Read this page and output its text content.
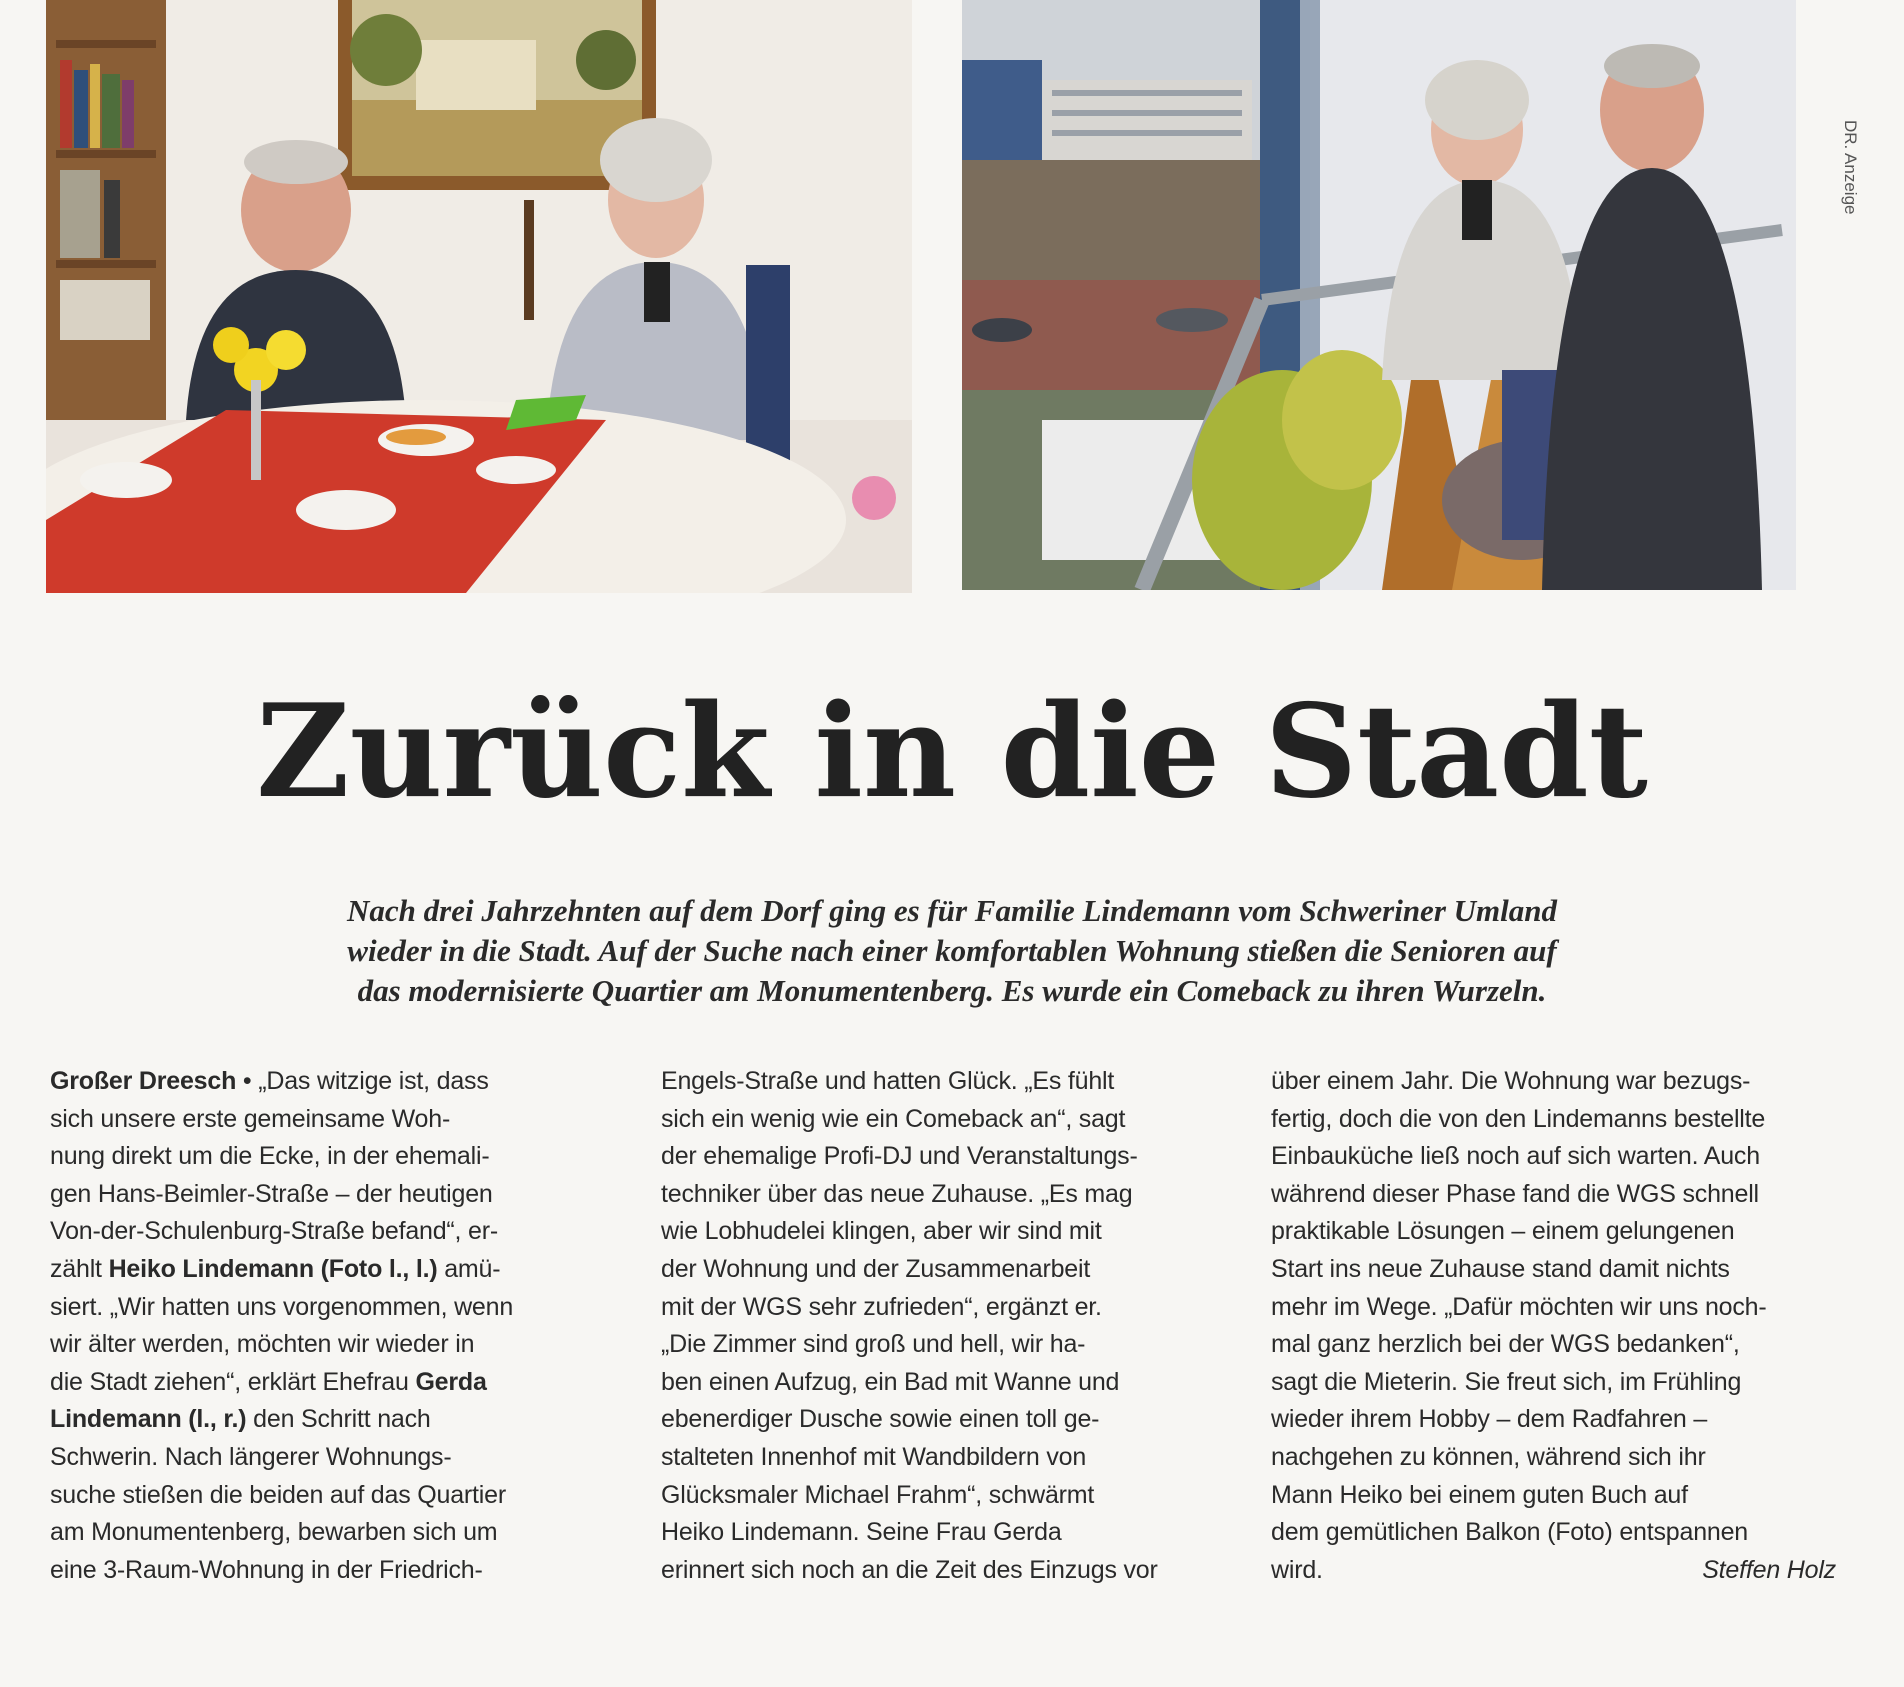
DR. Anzeige
Zurück in die Stadt
Nach drei Jahrzehnten auf dem Dorf ging es für Familie Lindemann vom Schweriner Umland
wieder in die Stadt. Auf der Suche nach einer komfortablen Wohnung stießen die Senioren auf
das modernisierte Quartier am Monumentenberg. Es wurde ein Comeback zu ihren Wurzeln.
Großer Dreesch • „Das witzige ist, dass
sich unsere erste gemeinsame Woh-
nung direkt um die Ecke, in der ehemali-
gen Hans-Beimler-Straße – der heutigen
Von-der-Schulenburg-Straße befand“, er-
zählt Heiko Lindemann (Foto l., l.) amü-
siert. „Wir hatten uns vorgenommen, wenn
wir älter werden, möchten wir wieder in
die Stadt ziehen“, erklärt Ehefrau Gerda
Lindemann (l., r.) den Schritt nach
Schwerin. Nach längerer Wohnungs-
suche stießen die beiden auf das Quartier
am Monumentenberg, bewarben sich um
eine 3-Raum-Wohnung in der Friedrich-
Engels-Straße und hatten Glück. „Es fühlt
sich ein wenig wie ein Comeback an“, sagt
der ehemalige Profi-DJ und Veranstaltungs-
techniker über das neue Zuhause. „Es mag
wie Lobhudelei klingen, aber wir sind mit
der Wohnung und der Zusammenarbeit
mit der WGS sehr zufrieden“, ergänzt er.
„Die Zimmer sind groß und hell, wir ha-
ben einen Aufzug, ein Bad mit Wanne und
ebenerdiger Dusche sowie einen toll ge-
stalteten Innenhof mit Wandbildern von
Glücksmaler Michael Frahm“, schwärmt
Heiko Lindemann. Seine Frau Gerda
erinnert sich noch an die Zeit des Einzugs vor
über einem Jahr. Die Wohnung war bezugs-
fertig, doch die von den Lindemanns bestellte
Einbauküche ließ noch auf sich warten. Auch
während dieser Phase fand die WGS schnell
praktikable Lösungen – einem gelungenen
Start ins neue Zuhause stand damit nichts
mehr im Wege. „Dafür möchten wir uns noch-
mal ganz herzlich bei der WGS bedanken“,
sagt die Mieterin. Sie freut sich, im Frühling
wieder ihrem Hobby – dem Radfahren –
nachgehen zu können, während sich ihr
Mann Heiko bei einem guten Buch auf
dem gemütlichen Balkon (Foto) entspannen
wird.	Steffen Holz
